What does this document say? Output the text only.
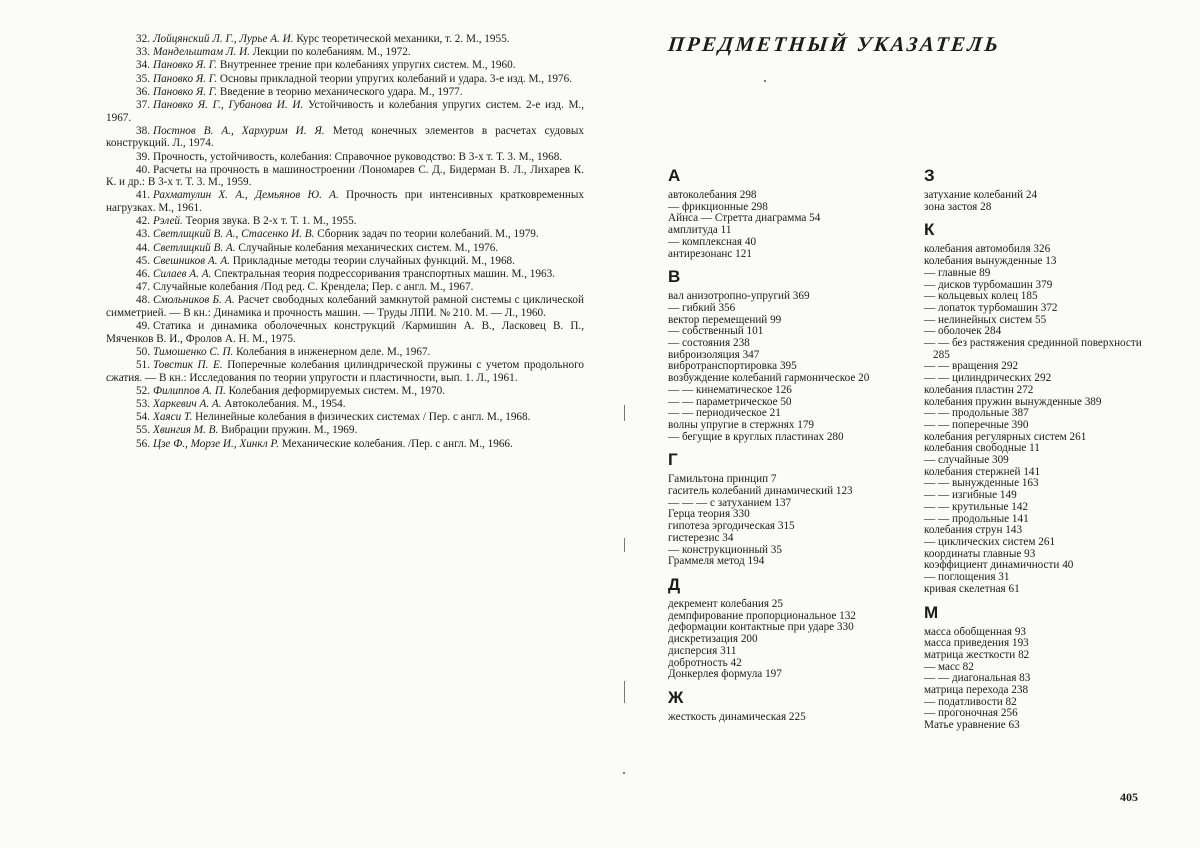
32. Лойцянский Л. Г., Лурье А. И. Курс теоретической механики, т. 2. М., 1955.

33. Мандельштам Л. И. Лекции по колебаниям. М., 1972.

34. Пановко Я. Г. Внутреннее трение при колебаниях упругих систем. М., 1960.

35. Пановко Я. Г. Основы прикладной теории упругих колебаний и удара. 3-е изд. М., 1976.

36. Пановко Я. Г. Введение в теорию механического удара. М., 1977.

37. Пановко Я. Г., Губанова И. И. Устойчивость и колебания упругих систем. 2-е изд. М., 1967.

38. Постнов В. А., Хархурим И. Я. Метод конечных элементов в расчетах судовых конструкций. Л., 1974.

39. Прочность, устойчивость, колебания: Справочное руководство: В 3-х т. Т. 3. М., 1968.

40. Расчеты на прочность в машиностроении /Пономарев С. Д., Бидерман В. Л., Лихарев К. К. и др.: В 3-х т. Т. 3. М., 1959.

41. Рахматулин Х. А., Демьянов Ю. А. Прочность при интенсивных кратковременных нагрузках. М., 1961.

42. Рэлей. Теория звука. В 2-х т. Т. 1. М., 1955.

43. Светлицкий В. А., Стасенко И. В. Сборник задач по теории колебаний. М., 1979.

44. Светлицкий В. А. Случайные колебания механических систем. М., 1976.

45. Свешников А. А. Прикладные методы теории случайных функций. М., 1968.

46. Силаев А. А. Спектральная теория подрессоривания транспортных машин. М., 1963.

47. Случайные колебания /Под ред. С. Крендела; Пер. с англ. М., 1967.

48. Смольников Б. А. Расчет свободных колебаний замкнутой рамной системы с циклической симметрией. — В кн.: Динамика и прочность машин. — Труды ЛПИ. № 210. М. — Л., 1960.

49. Статика и динамика оболочечных конструкций /Кармишин А. В., Ласковец В. П., Мяченков В. И., Фролов А. Н. М., 1975.

50. Тимошенко С. П. Колебания в инженерном деле. М., 1967.

51. Товстик П. Е. Поперечные колебания цилиндрической пружины с учетом продольного сжатия. — В кн.: Исследования по теории упругости и пластичности, вып. 1. Л., 1961.

52. Филиппов А. П. Колебания деформируемых систем. М., 1970.

53. Харкевич А. А. Автоколебания. М., 1954.

54. Хаяси Т. Нелинейные колебания в физических системах / Пер. с англ. М., 1968.

55. Хвингия М. В. Вибрации пружин. М., 1969.

56. Цзе Ф., Морзе И., Хинкл Р. Механические колебания. /Пер. с англ. М., 1966.

ПРЕДМЕТНЫЙ УКАЗАТЕЛЬ
А
автоколебания 298
— фрикционные 298
Айнса — Стретта диаграмма 54
амплитуда 11
— комплексная 40
антирезонанс 121
В
вал анизотропно-упругий 369
— гибкий 356
вектор перемещений 99
— собственный 101
— состояния 238
виброизоляция 347
вибротранспортировка 395
возбуждение колебаний гармоническое 20
— — кинематическое 126
— — параметрическое 50
— — периодическое 21
волны упругие в стержнях 179
— бегущие в круглых пластинах 280
Г
Гамильтона принцип 7
гаситель колебаний динамический 123
— — — с затуханием 137
Герца теория 330
гипотеза эргодическая 315
гистерезис 34
— конструкционный 35
Граммеля метод 194
Д
декремент колебания 25
демпфирование пропорциональное 132
деформации контактные при ударе 330
дискретизация 200
дисперсия 311
добротность 42
Донкерлея формула 197
Ж
жесткость динамическая 225
З
затухание колебаний 24
зона застоя 28
К
колебания автомобиля 326
колебания вынужденные 13
— главные 89
— дисков турбомашин 379
— кольцевых колец 185
— лопаток турбомашин 372
— нелинейных систем 55
— оболочек 284
— — без растяжения срединной поверхности 285
— — вращения 292
— — цилиндрических 292
колебания пластин 272
колебания пружин вынужденные 389
— — продольные 387
— — поперечные 390
колебания регулярных систем 261
колебания свободные 11
— случайные 309
колебания стержней 141
— — вынужденные 163
— — изгибные 149
— — крутильные 142
— — продольные 141
колебания струн 143
— циклических систем 261
координаты главные 93
коэффициент динамичности 40
— поглощения 31
кривая скелетная 61
М
масса обобщенная 93
масса приведения 193
матрица жесткости 82
— масс 82
— — диагональная 83
матрица перехода 238
— податливости 82
— прогоночная 256
Матье уравнение 63
405
